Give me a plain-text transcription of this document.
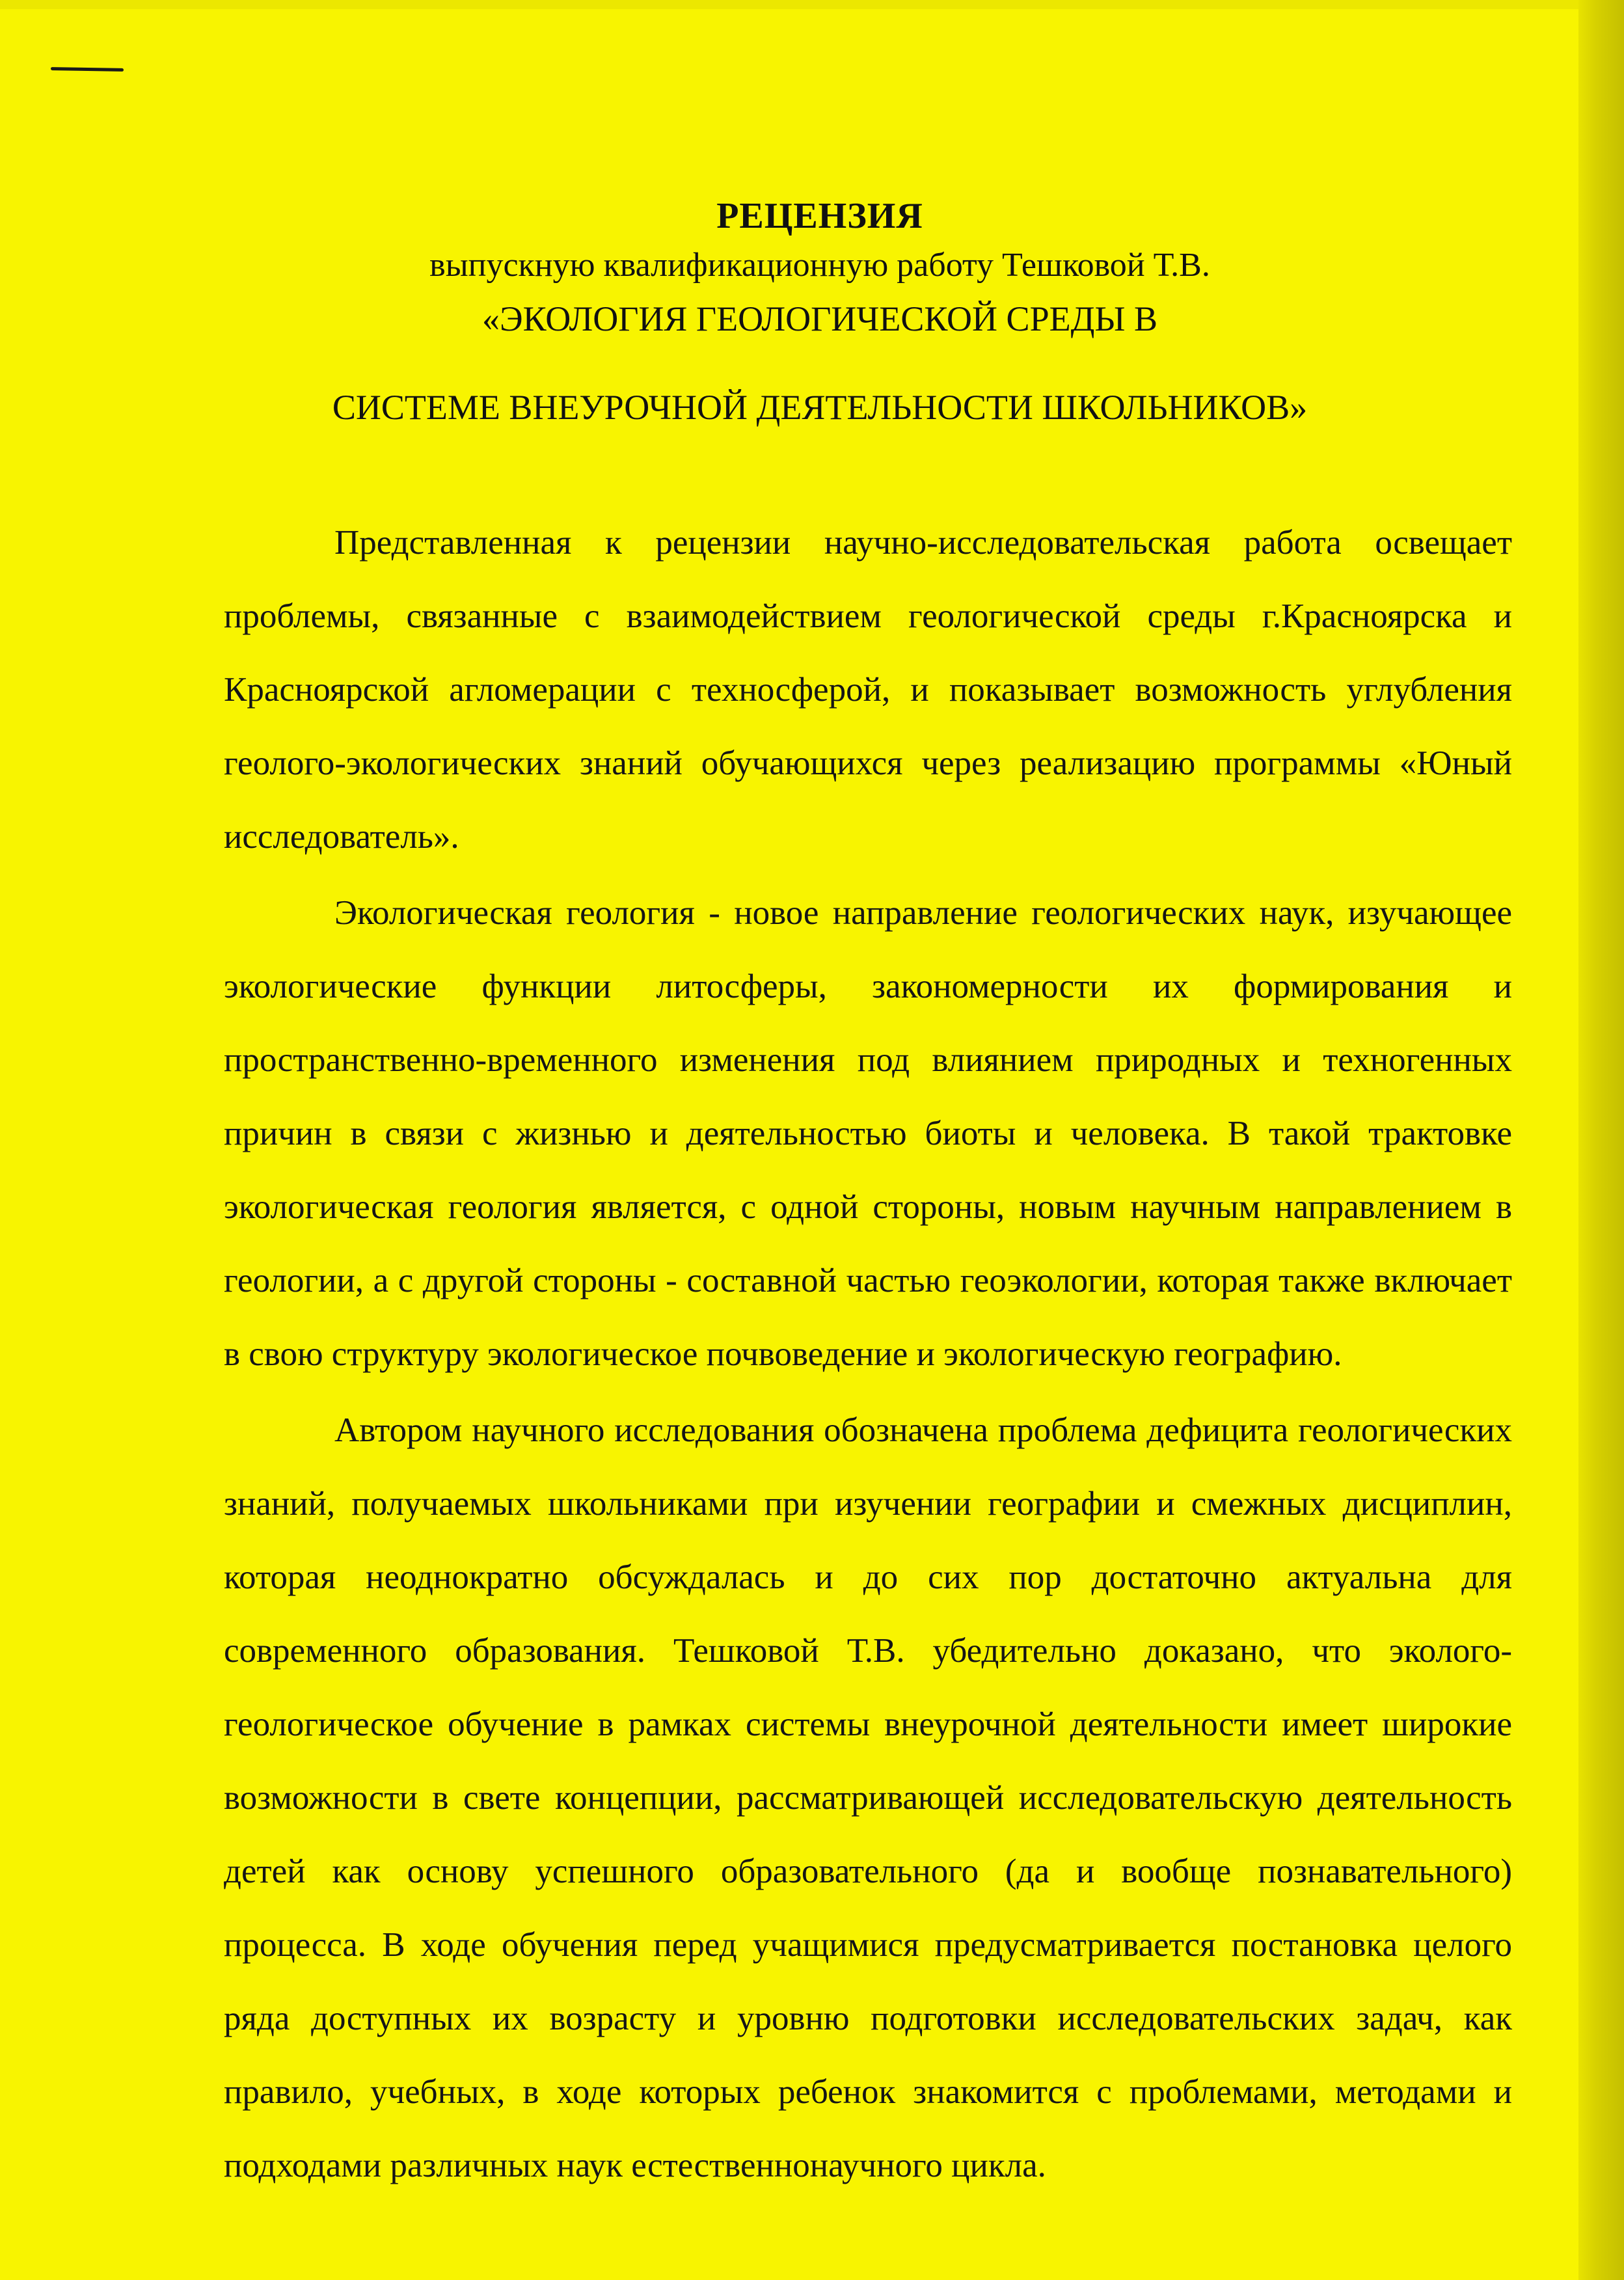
РЕЦЕНЗИЯ

выпускную квалификационную работу Тешковой Т.В.

«ЭКОЛОГИЯ ГЕОЛОГИЧЕСКОЙ СРЕДЫ В
СИСТЕМЕ ВНЕУРОЧНОЙ ДЕЯТЕЛЬНОСТИ ШКОЛЬНИКОВ»

Представленная к рецензии научно-исследовательская работа освещает проблемы, связанные с взаимодействием геологической среды г.Красноярска и Красноярской агломерации с техносферой, и показывает возможность углубления геолого-экологических знаний обучающихся через реализацию программы «Юный исследователь».

Экологическая геология - новое направление геологических наук, изучающее экологические функции литосферы, закономерности их формирования и пространственно-временного изменения под влиянием природных и техногенных причин в связи с жизнью и деятельностью биоты и человека. В такой трактовке экологическая геология является, с одной стороны, новым научным направлением в геологии, а с другой стороны - составной частью геоэкологии, которая также включает в свою структуру экологическое почвоведение и экологическую географию.

Автором научного исследования обозначена проблема дефицита геологических знаний, получаемых школьниками при изучении географии и смежных дисциплин, которая неоднократно обсуждалась и до сих пор достаточно актуальна для современного образования. Тешковой Т.В. убедительно доказано, что эколого-геологическое обучение в рамках системы внеурочной деятельности имеет широкие возможности в свете концепции, рассматривающей исследовательскую деятельность детей как основу успешного образовательного (да и вообще познавательного) процесса. В ходе обучения перед учащимися предусматривается постановка целого ряда доступных их возрасту и уровню подготовки исследовательских задач, как правило, учебных, в ходе которых ребенок знакомится с проблемами, методами и подходами различных наук естественнонаучного цикла.
